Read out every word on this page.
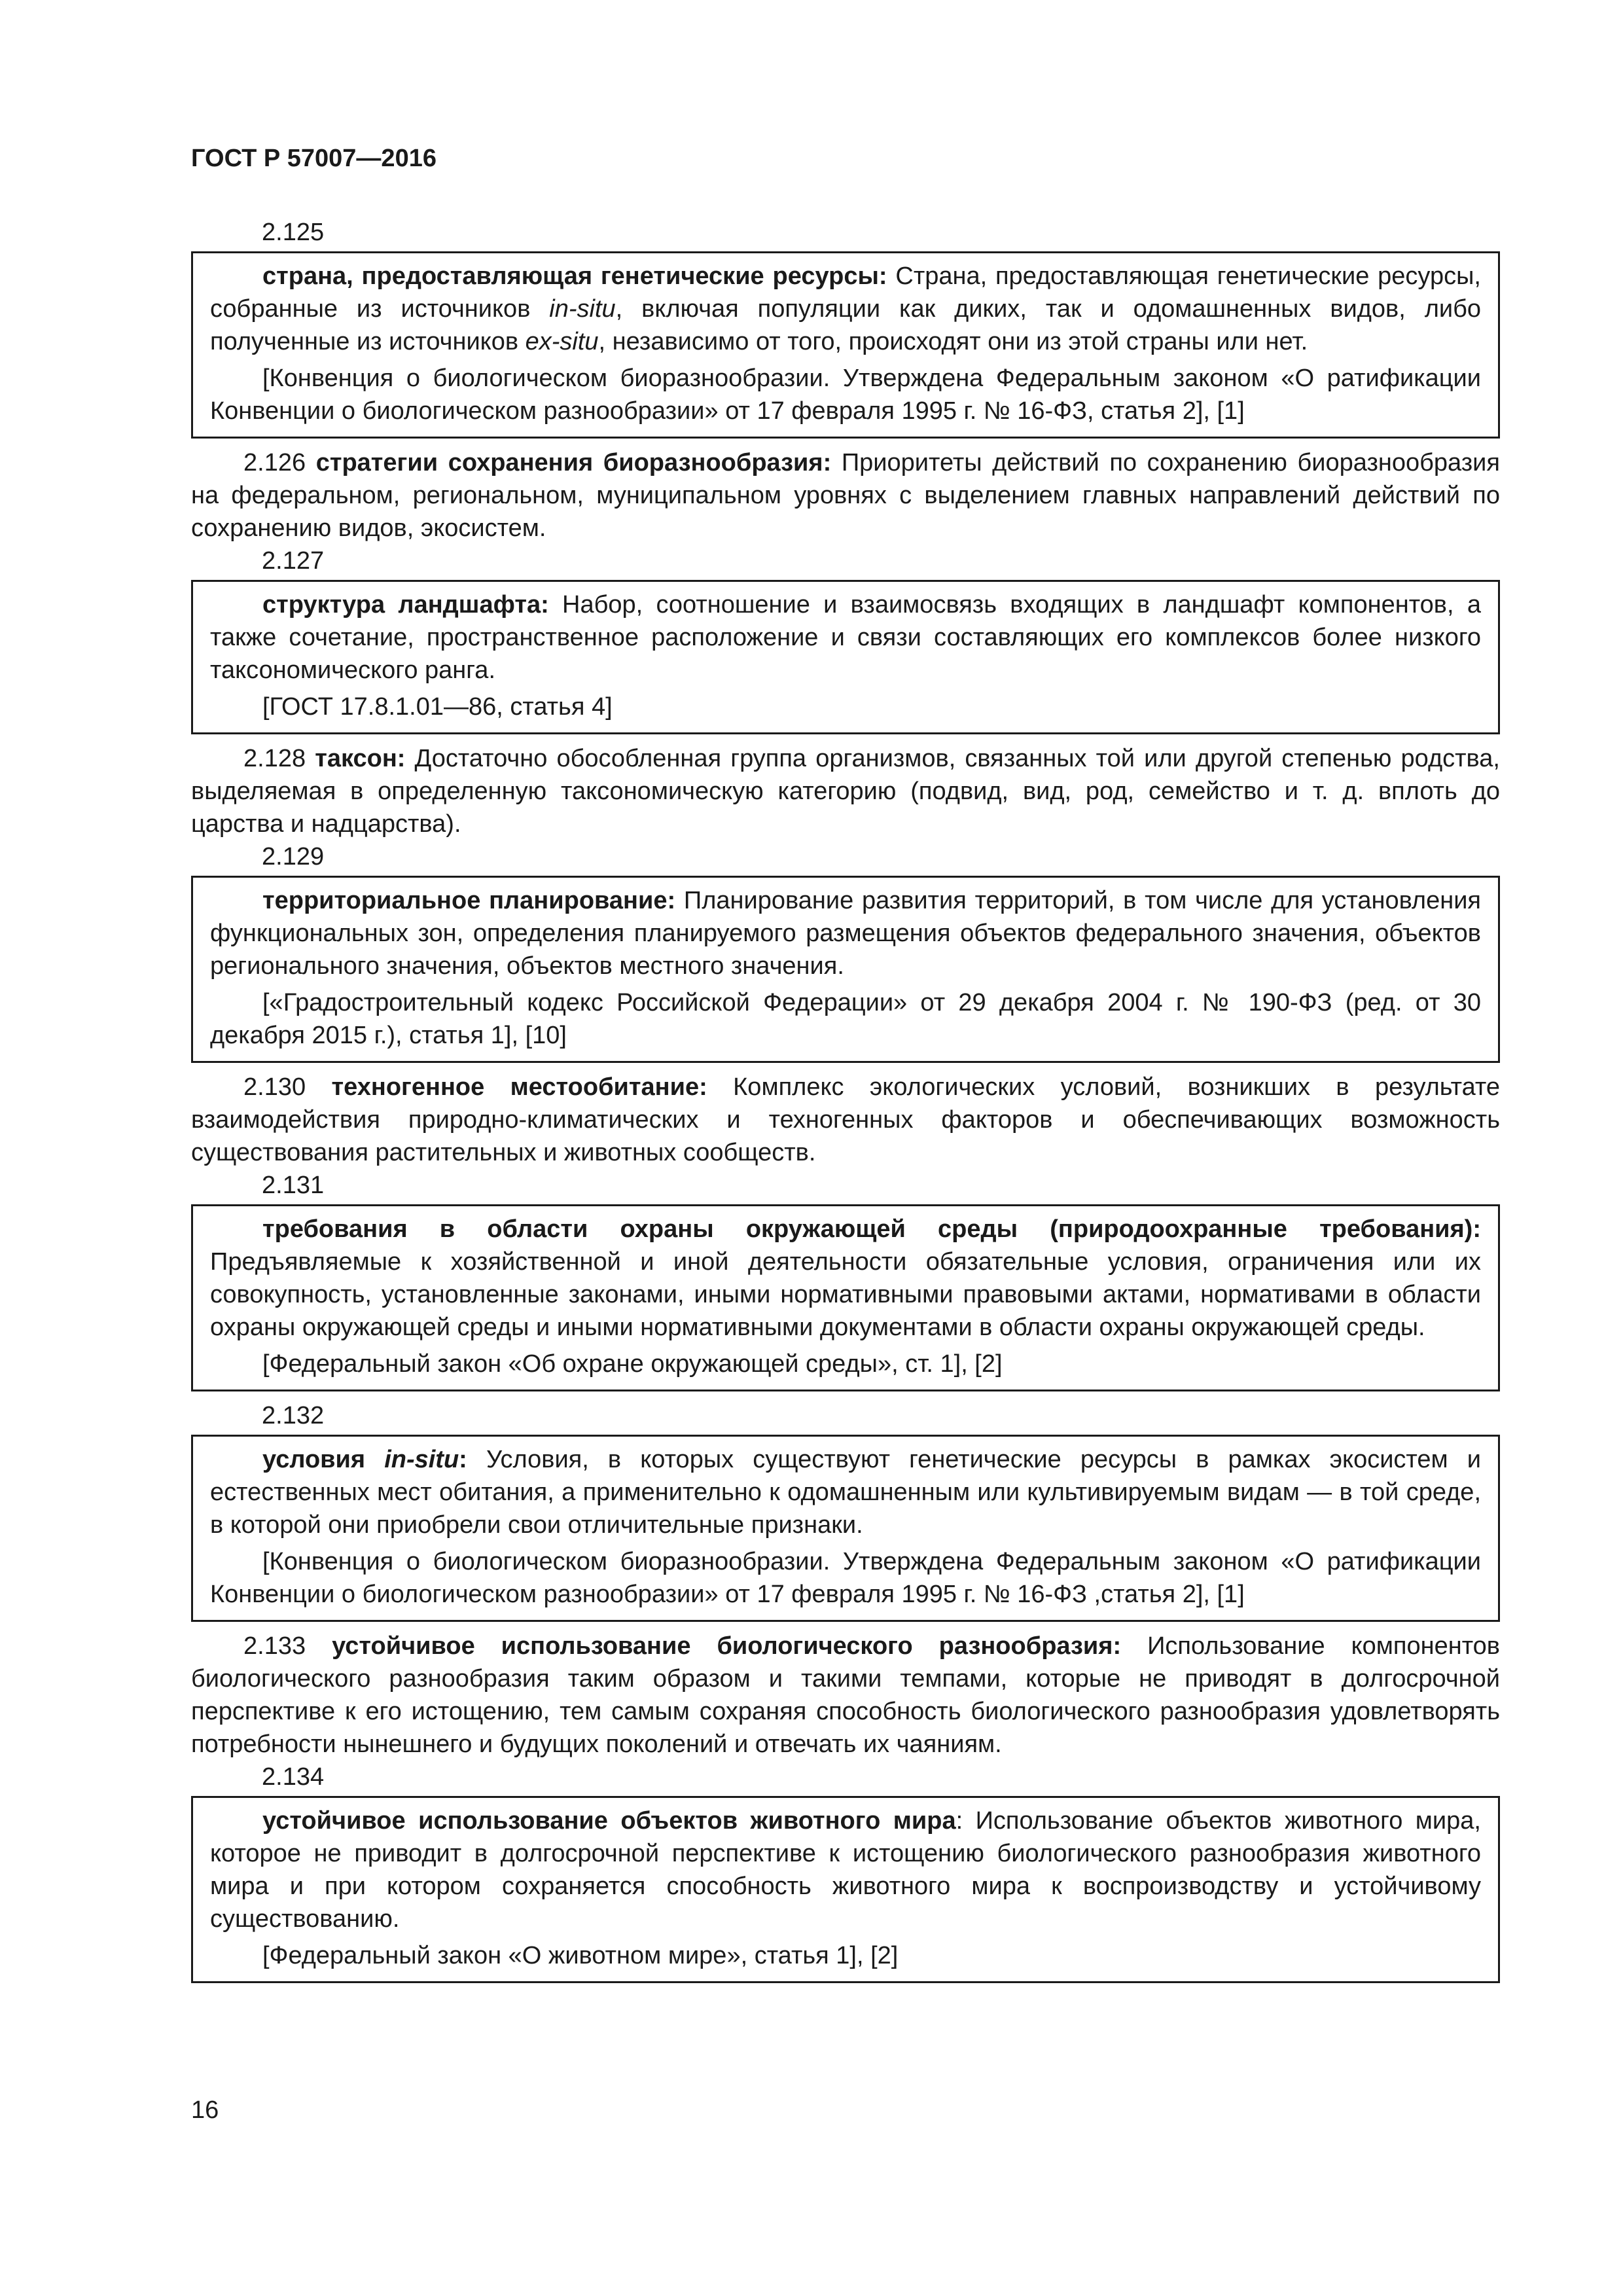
ГОСТ Р 57007—2016
2.125

страна, предоставляющая генетические ресурсы: Страна, предоставляющая генетические ресурсы, собранные из источников in-situ, включая популяции как диких, так и одомашненных видов, либо полученные из источников ex-situ, независимо от того, происходят они из этой страны или нет.

[Конвенция о биологическом биоразнообразии. Утверждена Федеральным законом «О ратификации Конвенции о биологическом разнообразии» от 17 февраля 1995 г. № 16-ФЗ, статья 2], [1]

2.126 стратегии сохранения биоразнообразия: Приоритеты действий по сохранению биоразнообразия на федеральном, региональном, муниципальном уровнях с выделением главных направлений действий по сохранению видов, экосистем.

2.127

структура ландшафта: Набор, соотношение и взаимосвязь входящих в ландшафт компонентов, а также сочетание, пространственное расположение и связи составляющих его комплексов более низкого таксономического ранга.

[ГОСТ 17.8.1.01—86, статья 4]

2.128 таксон: Достаточно обособленная группа организмов, связанных той или другой степенью родства, выделяемая в определенную таксономическую категорию (подвид, вид, род, семейство и т. д. вплоть до царства и надцарства).

2.129

территориальное планирование: Планирование развития территорий, в том числе для установления функциональных зон, определения планируемого размещения объектов федерального значения, объектов регионального значения, объектов местного значения.

[«Градостроительный кодекс Российской Федерации» от 29 декабря 2004 г. № 190-ФЗ (ред. от 30 декабря 2015 г.), статья 1], [10]

2.130 техногенное местообитание: Комплекс экологических условий, возникших в результате взаимодействия природно-климатических и техногенных факторов и обеспечивающих возможность существования растительных и животных сообществ.

2.131

требования в области охраны окружающей среды (природоохранные требования): Предъявляемые к хозяйственной и иной деятельности обязательные условия, ограничения или их совокупность, установленные законами, иными нормативными правовыми актами, нормативами в области охраны окружающей среды и иными нормативными документами в области охраны окружающей среды.

[Федеральный закон «Об охране окружающей среды», ст. 1], [2]

2.132

условия in-situ: Условия, в которых существуют генетические ресурсы в рамках экосистем и естественных мест обитания, а применительно к одомашненным или культивируемым видам — в той среде, в которой они приобрели свои отличительные признаки.

[Конвенция о биологическом биоразнообразии. Утверждена Федеральным законом «О ратификации Конвенции о биологическом разнообразии» от 17 февраля 1995 г. № 16-ФЗ ,статья 2], [1]

2.133 устойчивое использование биологического разнообразия: Использование компонентов биологического разнообразия таким образом и такими темпами, которые не приводят в долгосрочной перспективе к его истощению, тем самым сохраняя способность биологического разнообразия удовлетворять потребности нынешнего и будущих поколений и отвечать их чаяниям.

2.134

устойчивое использование объектов животного мира: Использование объектов животного мира, которое не приводит в долгосрочной перспективе к истощению биологического разнообразия животного мира и при котором сохраняется способность животного мира к воспроизводству и устойчивому существованию.

[Федеральный закон «О животном мире», статья 1], [2]

16
